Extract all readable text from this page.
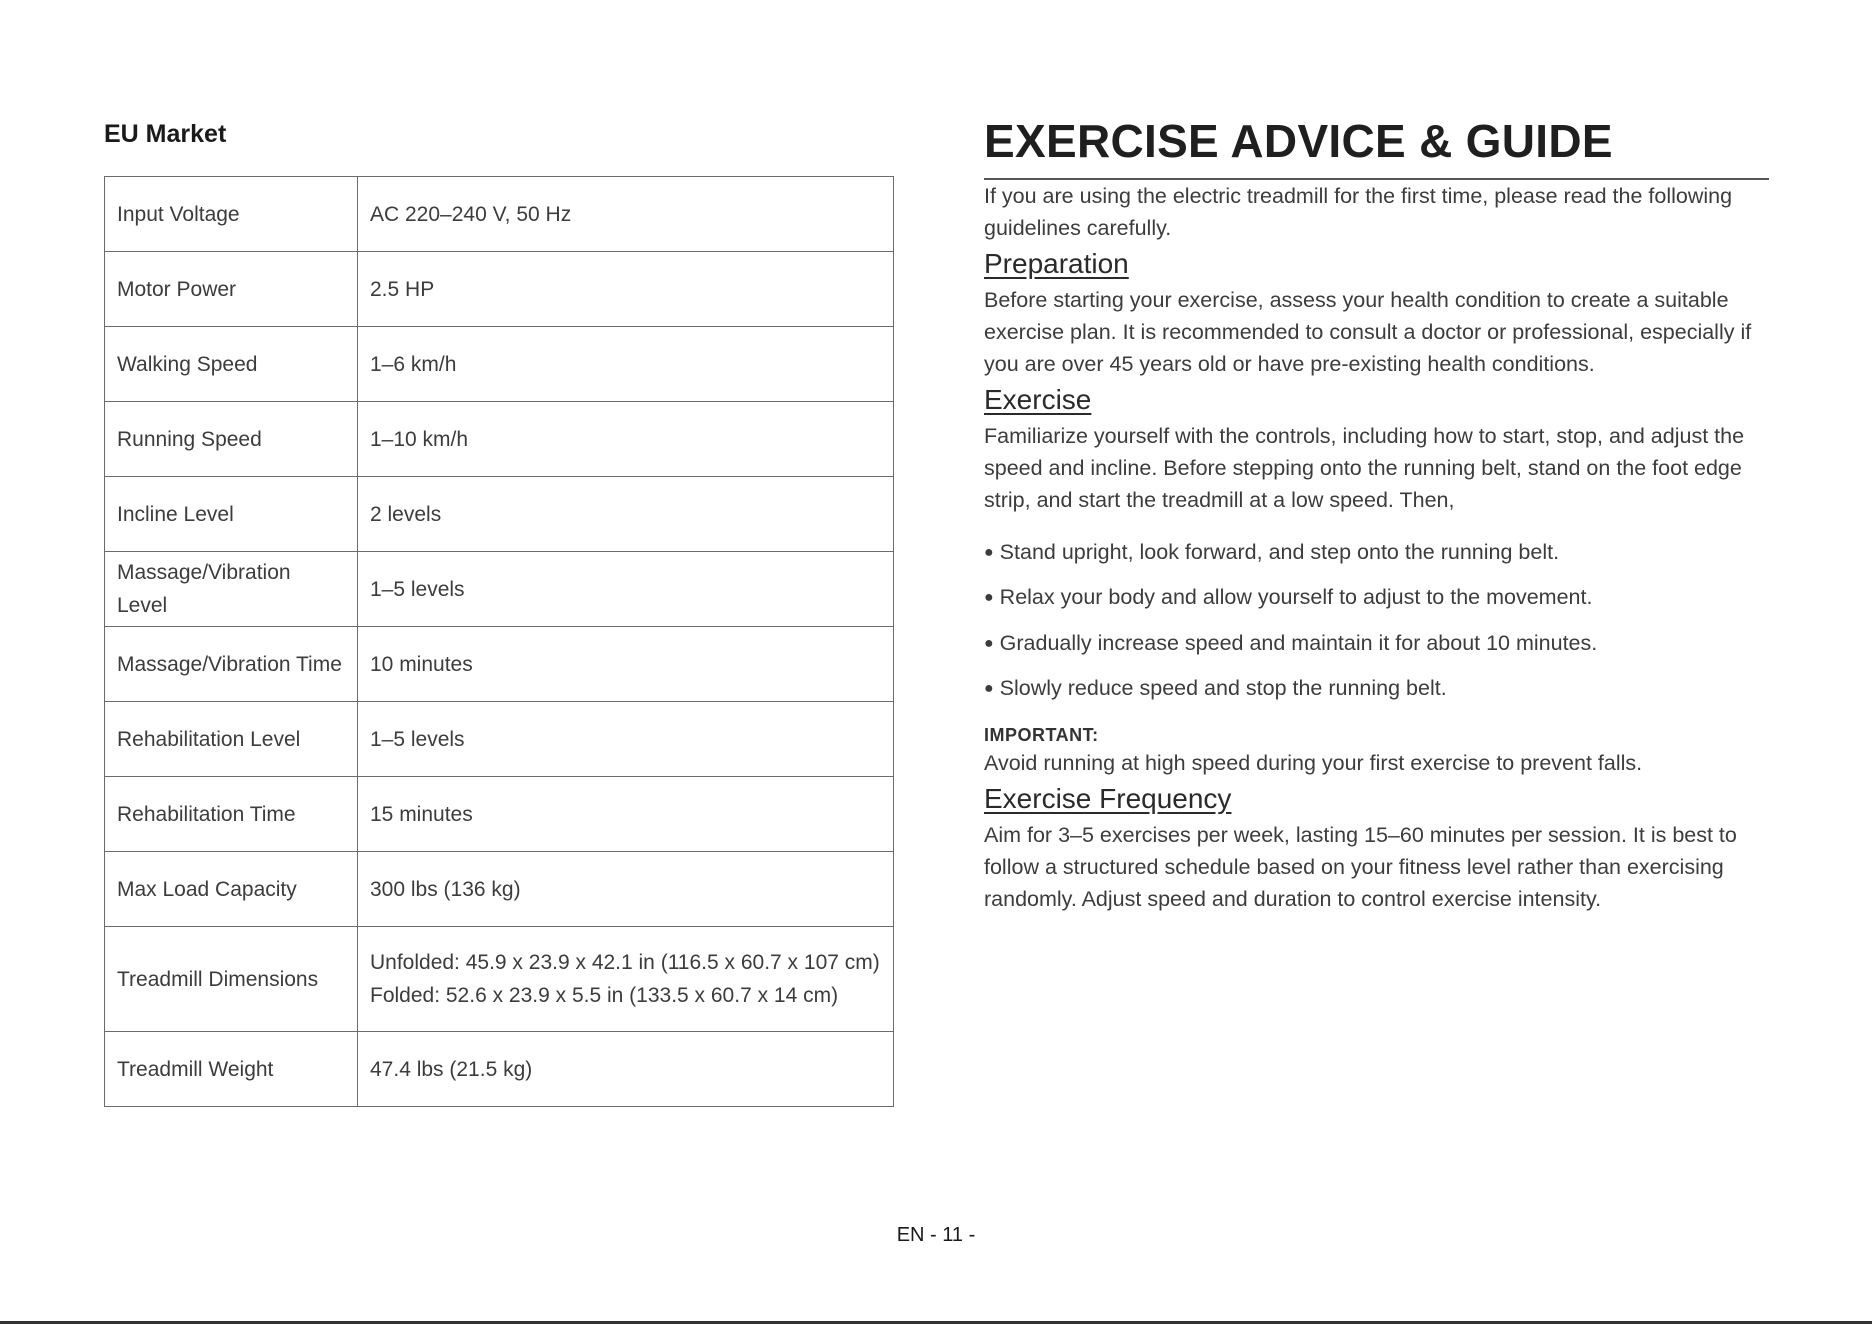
EU Market
Input Voltage	AC 220–240 V, 50 Hz

Motor Power	2.5 HP

Walking Speed	1–6 km/h

Running Speed	1–10 km/h

Incline Level	2 levels

Massage/Vibration Level	1–5 levels

Massage/Vibration Time	10 minutes

Rehabilitation Level	1–5 levels

Rehabilitation Time	15 minutes

Max Load Capacity	300 lbs (136 kg)

Treadmill Dimensions	Unfolded: 45.9 x 23.9 x 42.1 in (116.5 x 60.7 x 107 cm)
Folded: 52.6 x 23.9 x 5.5 in (133.5 x 60.7 x 14 cm)

Treadmill Weight	47.4 lbs (21.5 kg)
EXERCISE ADVICE & GUIDE

If you are using the electric treadmill for the first time, please read the following guidelines carefully.

Preparation

Before starting your exercise, assess your health condition to create a suitable exercise plan. It is recommended to consult a doctor or professional, especially if you are over 45 years old or have pre-existing health conditions.

Exercise

Familiarize yourself with the controls, including how to start, stop, and adjust the speed and incline. Before stepping onto the running belt, stand on the foot edge strip, and start the treadmill at a low speed. Then,

● Stand upright, look forward, and step onto the running belt.
● Relax your body and allow yourself to adjust to the movement.
● Gradually increase speed and maintain it for about 10 minutes.
● Slowly reduce speed and stop the running belt.
IMPORTANT:

Avoid running at high speed during your first exercise to prevent falls.

Exercise Frequency

Aim for 3–5 exercises per week, lasting 15–60 minutes per session. It is best to follow a structured schedule based on your fitness level rather than exercising randomly. Adjust speed and duration to control exercise intensity.

EN - 11 -
